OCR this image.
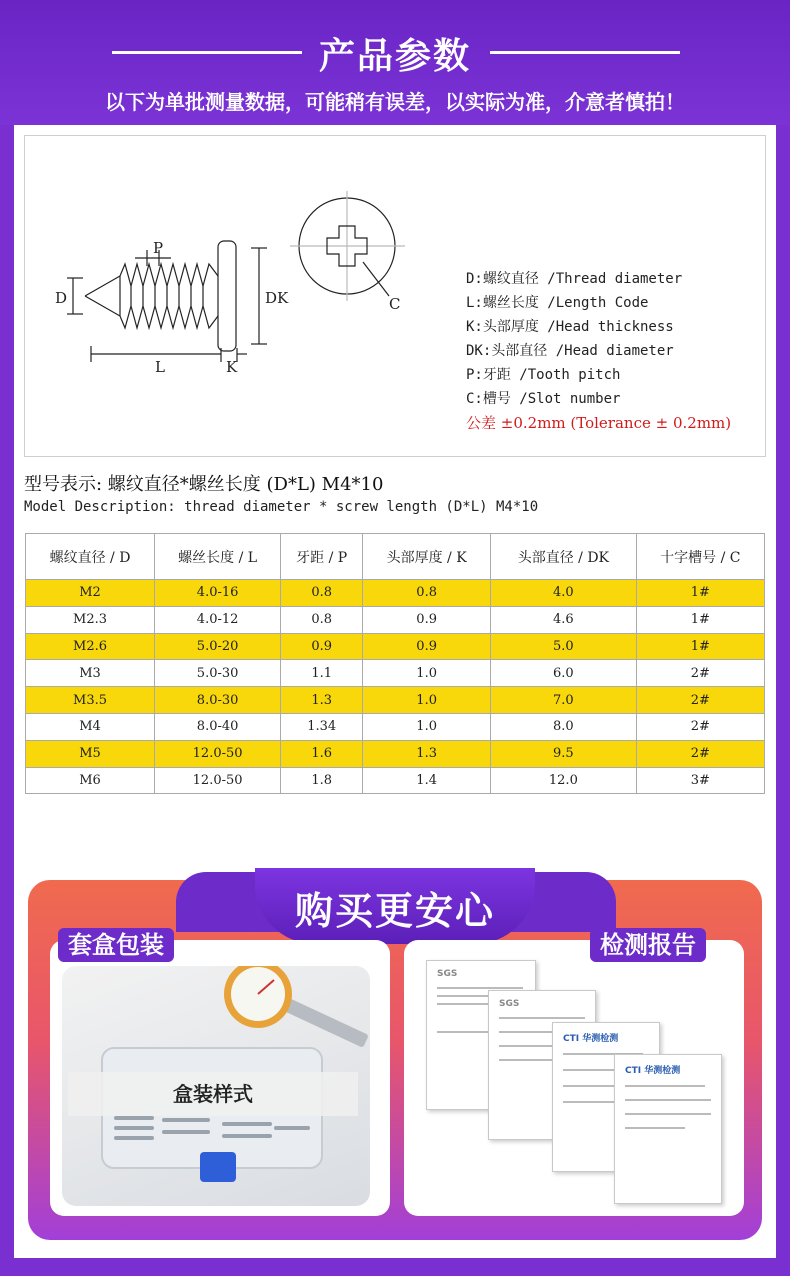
产品参数
以下为单批测量数据，可能稍有误差，以实际为准，介意者慎拍！
P
D	DK
L	K
C
D:螺纹直径 /Thread diameter
L:螺丝长度 /Length Code
K:头部厚度 /Head thickness
DK:头部直径 /Head diameter
P:牙距 /Tooth pitch
C:槽号 /Slot number
公差 ±0.2mm (Tolerance ± 0.2mm)
型号表示: 螺纹直径*螺丝长度 (D*L) M4*10
Model Description: thread diameter * screw length (D*L) M4*10
螺纹直径 / D	螺丝长度 / L	牙距 / P	头部厚度 / K	头部直径 / DK	十字槽号 / C
M2	4.0-16	0.8	0.8	4.0	1#
M2.3	4.0-12	0.8	0.9	4.6	1#
M2.6	5.0-20	0.9	0.9	5.0	1#
M3	5.0-30	1.1	1.0	6.0	2#
M3.5	8.0-30	1.3	1.0	7.0	2#
M4	8.0-40	1.34	1.0	8.0	2#
M5	12.0-50	1.6	1.3	9.5	2#
M6	12.0-50	1.8	1.4	12.0	3#
购买更安心
盒装样式
套盒包装	检测报告
SGS
SGS
CTI 华测检测
CTI 华测检测
